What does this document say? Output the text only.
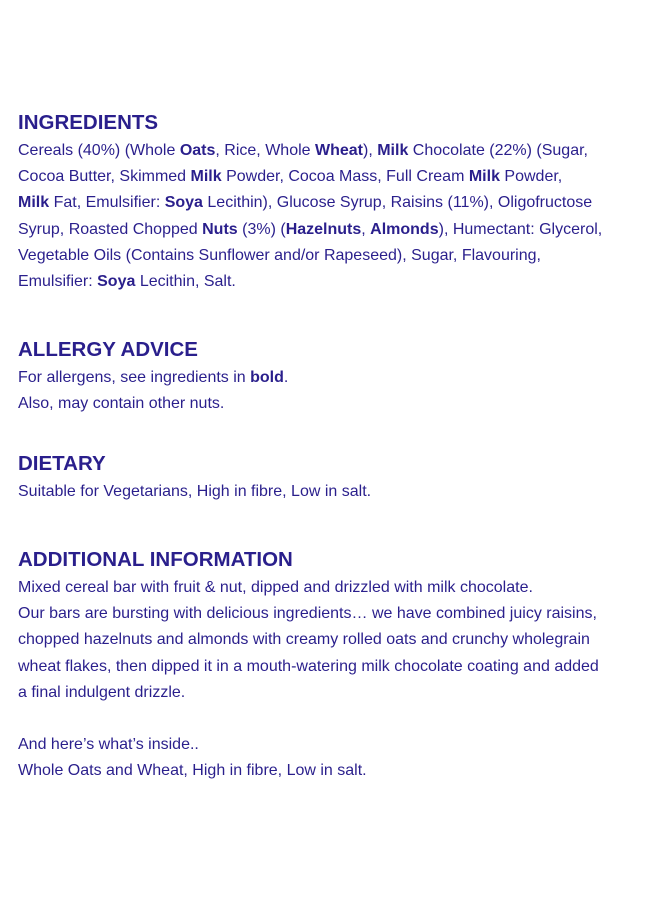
INGREDIENTS

Cereals (40%) (Whole Oats, Rice, Whole Wheat), Milk Chocolate (22%) (Sugar,
Cocoa Butter, Skimmed Milk Powder, Cocoa Mass, Full Cream Milk Powder,
Milk Fat, Emulsifier: Soya Lecithin), Glucose Syrup, Raisins (11%), Oligofructose
Syrup, Roasted Chopped Nuts (3%) (Hazelnuts, Almonds), Humectant: Glycerol,
Vegetable Oils (Contains Sunflower and/or Rapeseed), Sugar, Flavouring,
Emulsifier: Soya Lecithin, Salt.

ALLERGY ADVICE

For allergens, see ingredients in bold.
Also, may contain other nuts.

DIETARY

Suitable for Vegetarians, High in fibre, Low in salt.

ADDITIONAL INFORMATION

Mixed cereal bar with fruit & nut, dipped and drizzled with milk chocolate.
Our bars are bursting with delicious ingredients… we have combined juicy raisins,
chopped hazelnuts and almonds with creamy rolled oats and crunchy wholegrain
wheat flakes, then dipped it in a mouth-watering milk chocolate coating and added
a final indulgent drizzle.
And here’s what’s inside..
Whole Oats and Wheat, High in fibre, Low in salt.
